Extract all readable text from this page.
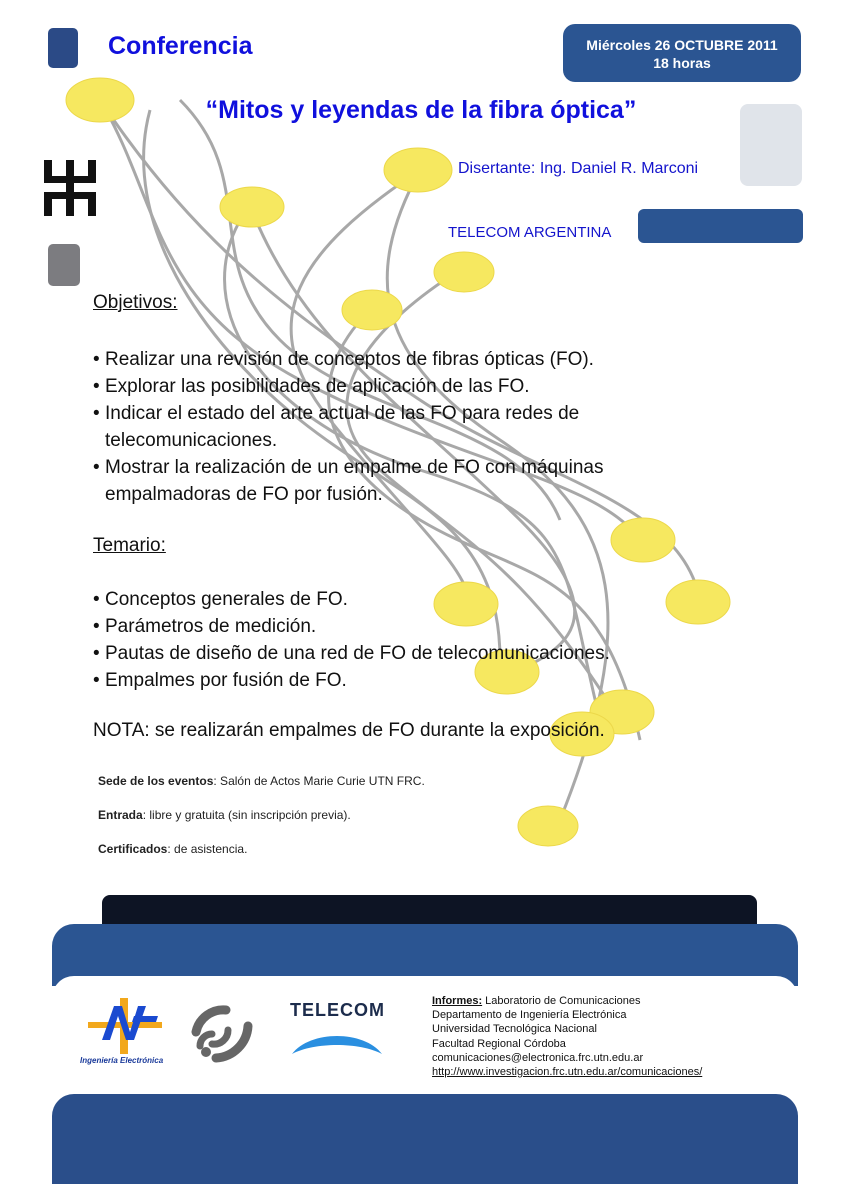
Conferencia	Miércoles 26 OCTUBRE 2011
18 horas
“Mitos y leyendas de la fibra óptica”
Disertante: Ing. Daniel R. Marconi
TELECOM ARGENTINA
Objetivos:
• Realizar una revisión de conceptos de fibras ópticas (FO).
• Explorar las posibilidades de aplicación de las FO.
• Indicar el estado del arte actual de las FO para redes de
telecomunicaciones.
• Mostrar la realización de un empalme de FO con máquinas
empalmadoras de FO por fusión.
Temario:
• Conceptos generales de FO.
• Parámetros de medición.
• Pautas de diseño de una red de FO de telecomunicaciones.
• Empalmes por fusión de FO.
NOTA: se realizarán empalmes de FO durante la exposición.
Sede de los eventos: Salón de Actos Marie Curie UTN FRC.
Entrada: libre y gratuita (sin inscripción previa).
Certificados: de asistencia.
Ingeniería Electrónica
TELECOM	Informes: Laboratorio de Comunicaciones
Departamento de Ingeniería Electrónica
Universidad Tecnológica Nacional
Facultad Regional Córdoba
comunicaciones@electronica.frc.utn.edu.ar
http://www.investigacion.frc.utn.edu.ar/comunicaciones/
